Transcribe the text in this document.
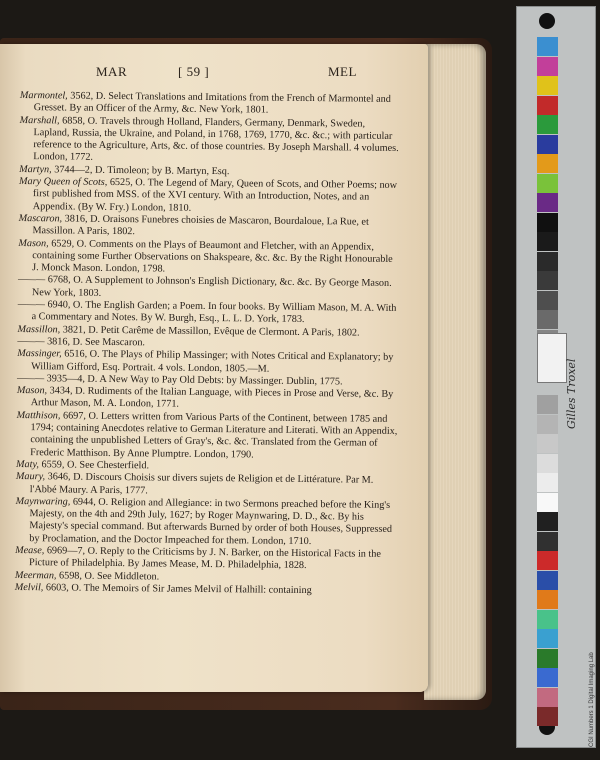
MAR	[ 59 ]	MEL

Marmontel, 3562, D. Select Translations and Imitations from the French of Marmontel and Gresset. By an Officer of the Army, &c. New York, 1801.

Marshall, 6858, O. Travels through Holland, Flanders, Germany, Denmark, Sweden, Lapland, Russia, the Ukraine, and Poland, in 1768, 1769, 1770, &c. &c.; with particular reference to the Agriculture, Arts, &c. of those countries. By Joseph Marshall. 4 volumes. London, 1772.

Martyn, 3744—2, D. Timoleon; by B. Martyn, Esq.

Mary Queen of Scots, 6525, O. The Legend of Mary, Queen of Scots, and Other Poems; now first published from MSS. of the XVI century. With an Introduction, Notes, and an Appendix. (By W. Fry.) London, 1810.

Mascaron, 3816, D. Oraisons Funebres choisies de Mascaron, Bourdaloue, La Rue, et Massillon. A Paris, 1802.

Mason, 6529, O. Comments on the Plays of Beaumont and Fletcher, with an Appendix, containing some Further Observations on Shakspeare, &c. &c. By the Right Honourable J. Monck Mason. London, 1798.

——— 6768, O. A Supplement to Johnson's English Dictionary, &c. &c. By George Mason. New York, 1803.

——— 6940, O. The English Garden; a Poem. In four books. By William Mason, M. A. With a Commentary and Notes. By W. Burgh, Esq., L. L. D. York, 1783.

Massillon, 3821, D. Petit Carême de Massillon, Evêque de Clermont. A Paris, 1802.

——— 3816, D. See Mascaron.

Massinger, 6516, O. The Plays of Philip Massinger; with Notes Critical and Explanatory; by William Gifford, Esq. Portrait. 4 vols. London, 1805.—M.

——— 3935—4, D. A New Way to Pay Old Debts: by Massinger. Dublin, 1775.

Mason, 3434, D. Rudiments of the Italian Language, with Pieces in Prose and Verse, &c. By Arthur Mason, M. A. London, 1771.

Matthison, 6697, O. Letters written from Various Parts of the Continent, between 1785 and 1794; containing Anecdotes relative to German Literature and Literati. With an Appendix, containing the unpublished Letters of Gray's, &c. &c. Translated from the German of Frederic Matthison. By Anne Plumptre. London, 1790.

Maty, 6559, O. See Chesterfield.

Maury, 3646, D. Discours Choisis sur divers sujets de Religion et de Littérature. Par M. l'Abbé Maury. A Paris, 1777.

Maynwaring, 6944, O. Religion and Allegiance: in two Sermons preached before the King's Majesty, on the 4th and 29th July, 1627; by Roger Maynwaring, D. D., &c. By his Majesty's special command. But afterwards Burned by order of both Houses, Suppressed by Proclamation, and the Doctor Impeached for them. London, 1710.

Mease, 6969—7, O. Reply to the Criticisms by J. N. Barker, on the Historical Facts in the Picture of Philadelphia. By James Mease, M. D. Philadelphia, 1828.

Meerman, 6598, O. See Middleton.

Melvil, 6603, O. The Memoirs of Sir James Melvil of Halhill: containing

Gilles Troxel
CGI Numbers 1 Digital Imaging Lab
